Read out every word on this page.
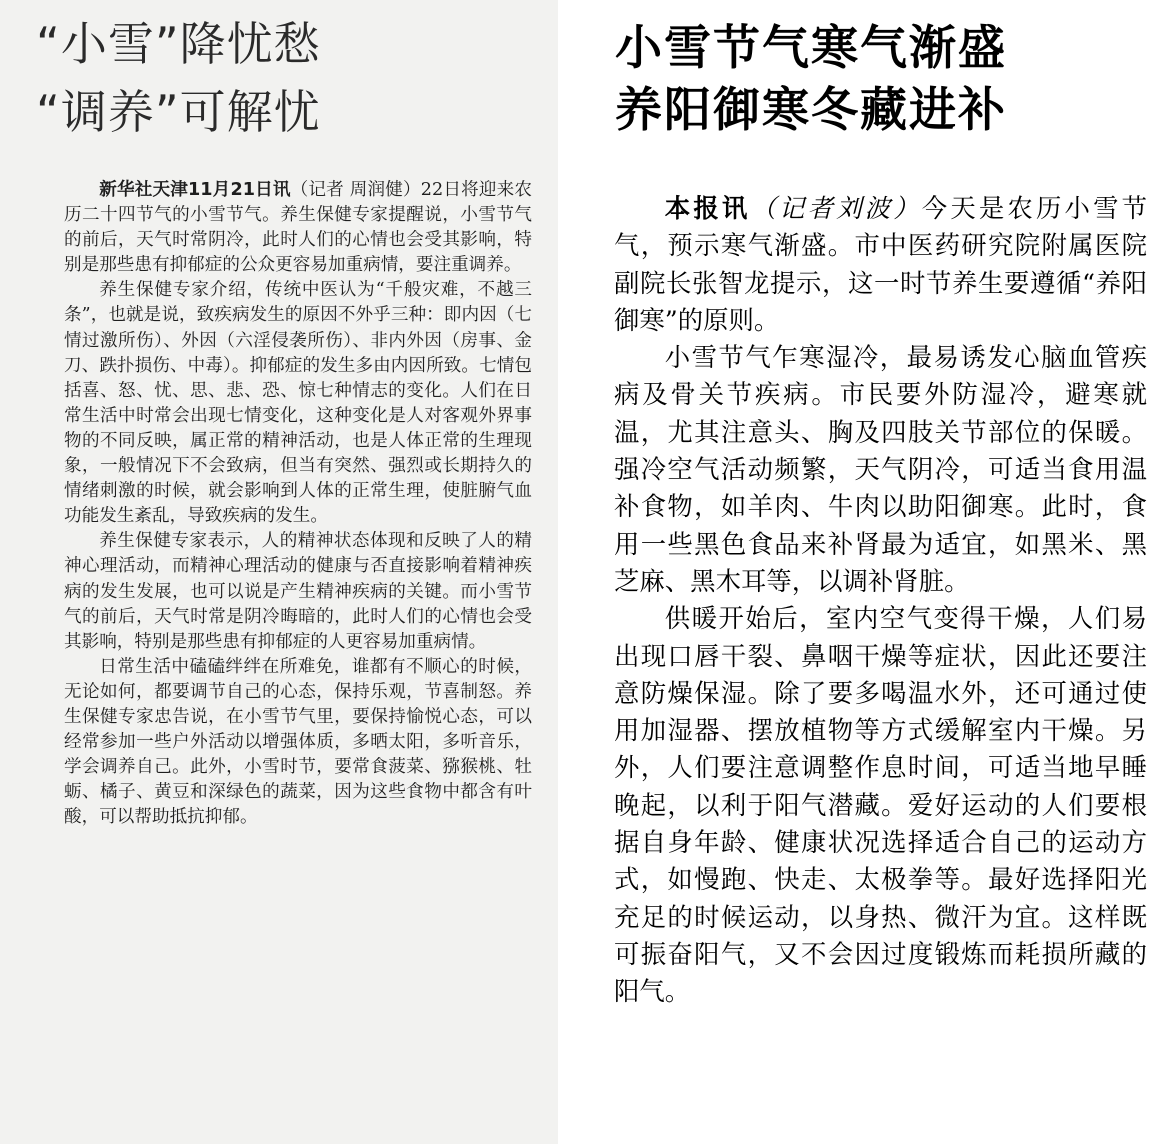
“小雪”降忧愁
“调养”可解忧

新华社天津11月21日讯（记者 周润健）22日将迎来农历二十四节气的小雪节气。养生保健专家提醒说，小雪节气的前后，天气时常阴冷，此时人们的心情也会受其影响，特别是那些患有抑郁症的公众更容易加重病情，要注重调养。

养生保健专家介绍，传统中医认为“千般灾难，不越三条”，也就是说，致疾病发生的原因不外乎三种：即内因（七情过激所伤）、外因（六淫侵袭所伤）、非内外因（房事、金刀、跌扑损伤、中毒）。抑郁症的发生多由内因所致。七情包括喜、怒、忧、思、悲、恐、惊七种情志的变化。人们在日常生活中时常会出现七情变化，这种变化是人对客观外界事物的不同反映，属正常的精神活动，也是人体正常的生理现象，一般情况下不会致病，但当有突然、强烈或长期持久的情绪刺激的时候，就会影响到人体的正常生理，使脏腑气血功能发生紊乱，导致疾病的发生。

养生保健专家表示，人的精神状态体现和反映了人的精神心理活动，而精神心理活动的健康与否直接影响着精神疾病的发生发展，也可以说是产生精神疾病的关键。而小雪节气的前后，天气时常是阴冷晦暗的，此时人们的心情也会受其影响，特别是那些患有抑郁症的人更容易加重病情。

日常生活中磕磕绊绊在所难免，谁都有不顺心的时候，无论如何，都要调节自己的心态，保持乐观，节喜制怒。养生保健专家忠告说，在小雪节气里，要保持愉悦心态，可以经常参加一些户外活动以增强体质，多晒太阳，多听音乐，学会调养自己。此外，小雪时节，要常食菠菜、猕猴桃、牡蛎、橘子、黄豆和深绿色的蔬菜，因为这些食物中都含有叶酸，可以帮助抵抗抑郁。

小雪节气寒气渐盛
养阳御寒冬藏进补

本报讯（记者刘波）今天是农历小雪节气，预示寒气渐盛。市中医药研究院附属医院副院长张智龙提示，这一时节养生要遵循“养阳御寒”的原则。

小雪节气乍寒湿冷，最易诱发心脑血管疾病及骨关节疾病。市民要外防湿冷，避寒就温，尤其注意头、胸及四肢关节部位的保暖。强冷空气活动频繁，天气阴冷，可适当食用温补食物，如羊肉、牛肉以助阳御寒。此时，食用一些黑色食品来补肾最为适宜，如黑米、黑芝麻、黑木耳等，以调补肾脏。

供暖开始后，室内空气变得干燥，人们易出现口唇干裂、鼻咽干燥等症状，因此还要注意防燥保湿。除了要多喝温水外，还可通过使用加湿器、摆放植物等方式缓解室内干燥。另外，人们要注意调整作息时间，可适当地早睡晚起，以利于阳气潜藏。爱好运动的人们要根据自身年龄、健康状况选择适合自己的运动方式，如慢跑、快走、太极拳等。最好选择阳光充足的时候运动，以身热、微汗为宜。这样既可振奋阳气，又不会因过度锻炼而耗损所藏的阳气。
